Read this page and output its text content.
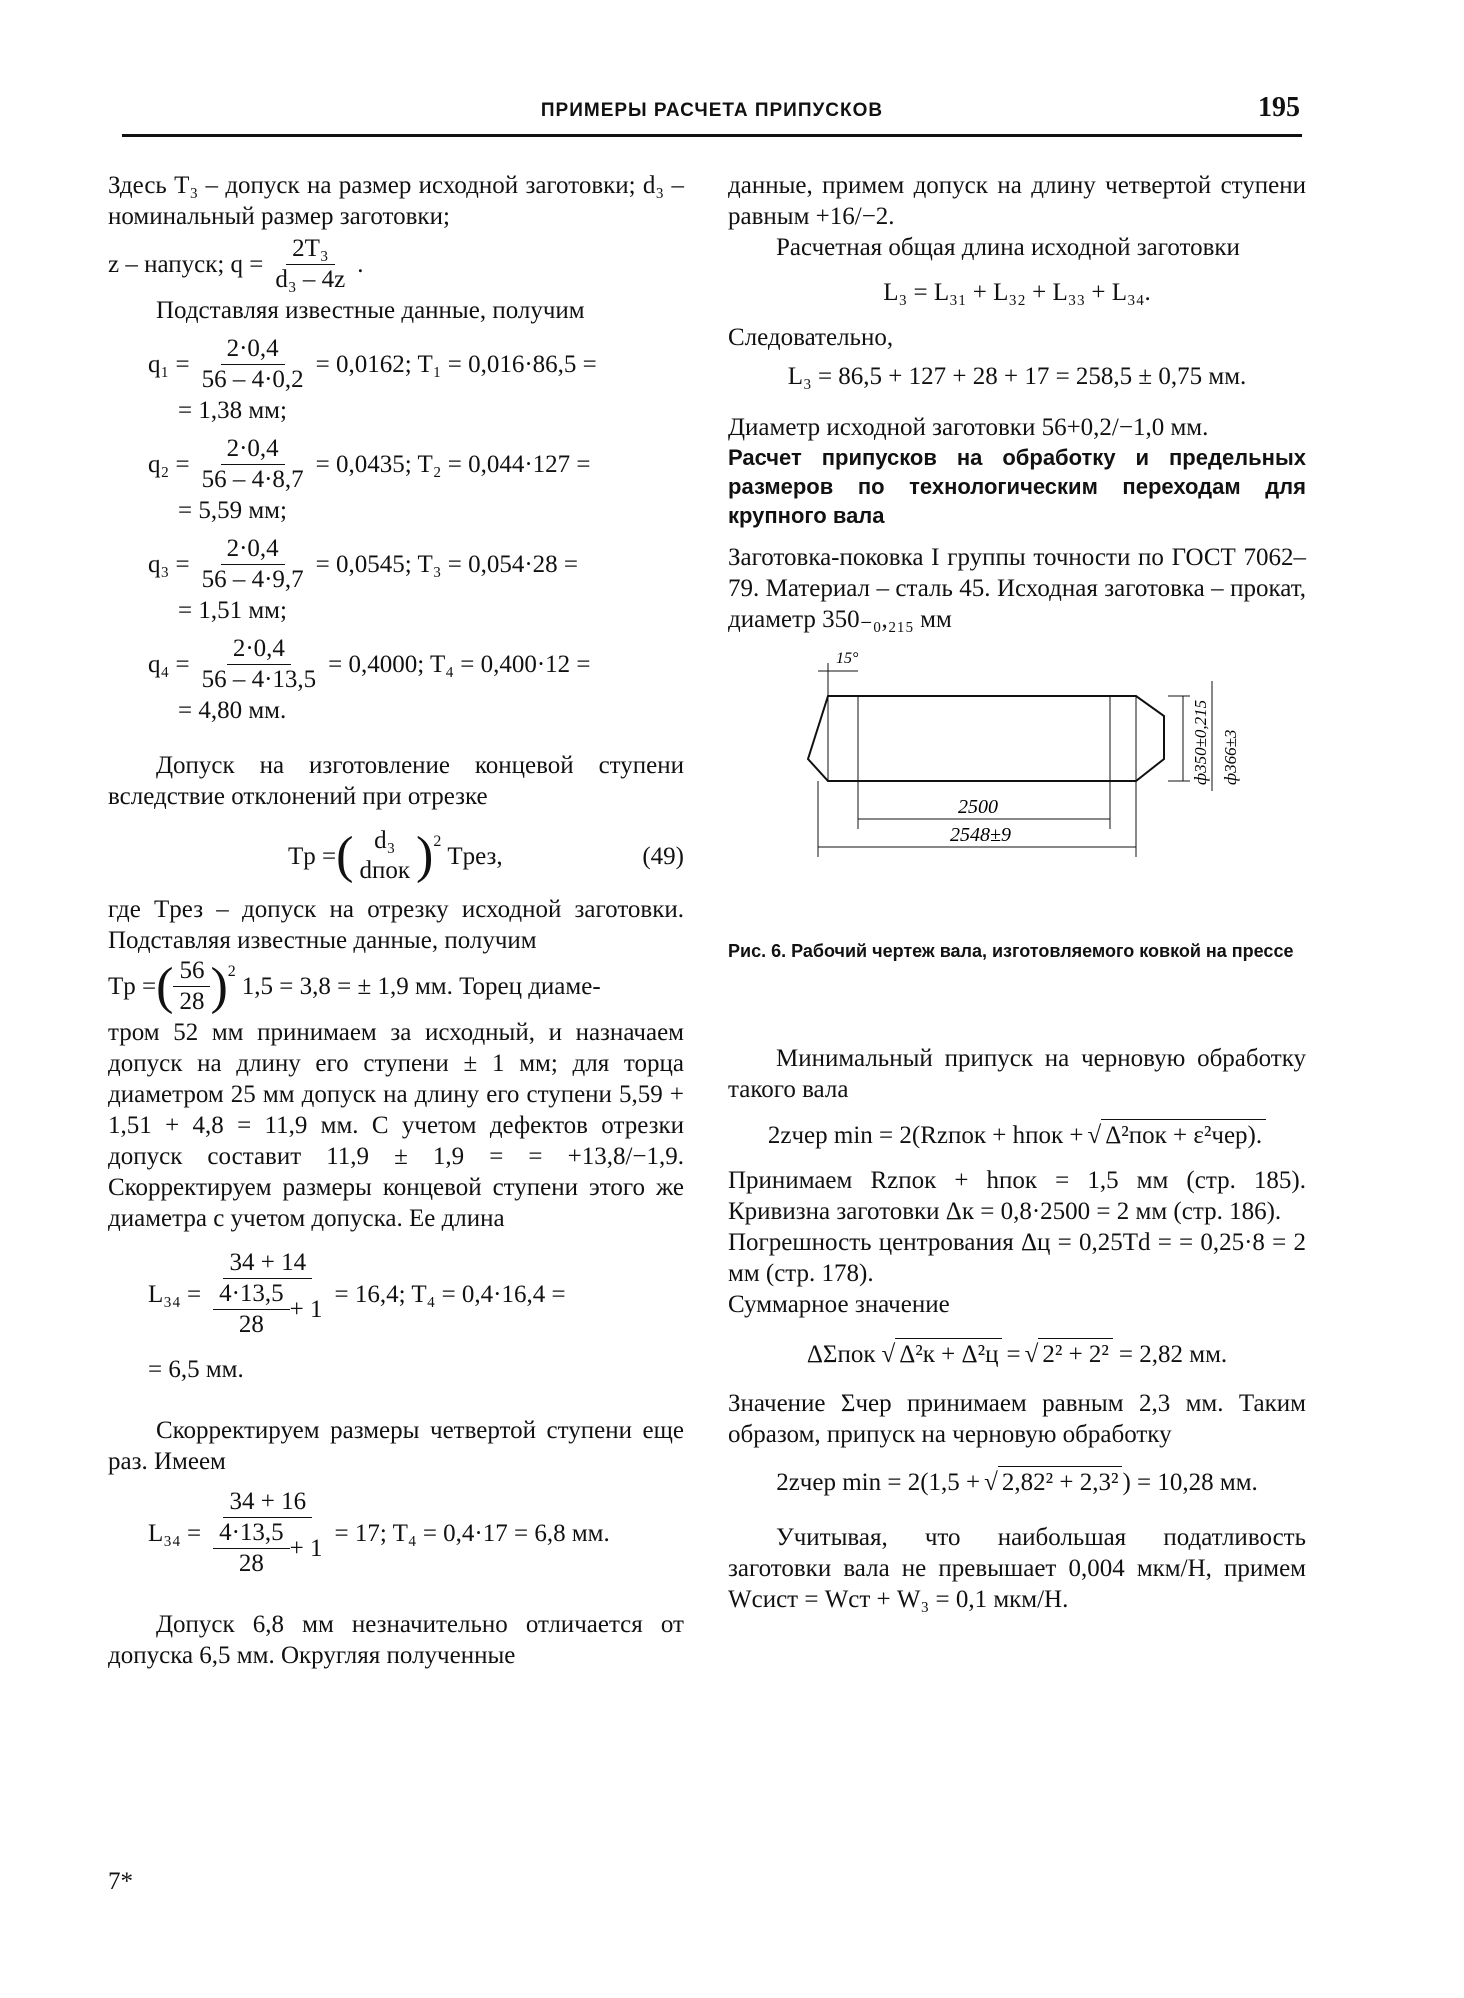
ПРИМЕРЫ РАСЧЕТА ПРИПУСКОВ	195

Здесь T₃ – допуск на размер исходной заготовки; d₃ – номинальный размер заготовки;

z – напуск; $q = \frac{\text{2T₃}}{\text{d₃ – 4z}}$ .

Подставляя известные данные, получим

$q_1 = \frac{2\cdot 0,4}{56 - 4\cdot 0,2} = 0,0162$; T₁ = 0,016·86,5 =
= 1,38 мм;
$q_2 = \frac{2\cdot 0,4}{56 - 4\cdot 8,7} = 0,0435$; T₂ = 0,044·127 =
= 5,59 мм;
$q_3 = \frac{2\cdot 0,4}{56 - 4\cdot 9,7} = 0,0545$; T₃ = 0,054·28 =
= 1,51 мм;
$q_4 = \frac{2\cdot 0,4}{56 - 4\cdot 13,5} = 0,4000$; T₄ = 0,400·12 =
= 4,80 мм.

Допуск на изготовление концевой ступени вследствие отклонений при отрезке

Tр = ( d₃
dпок )$^2$
Tрез,	(49)

где Tрез – допуск на отрезку исходной заготовки. Подставляя известные данные, получим

Tр = ( 56
28 )$^2$
1,5 = 3,8 = ± 1,9 мм. Торец диаме-

тром 52 мм принимаем за исходный, и назначаем допуск на длину его ступени ± 1 мм; для торца диаметром 25 мм допуск на длину его ступени 5,59 + 1,51 + 4,8 = 11,9 мм. С учетом дефектов отрезки допуск составит 11,9 ± 1,9 = = +13,8/−1,9. Скорректируем размеры концевой ступени этого же диаметра с учетом допуска. Ее длина

L₃₄ = 34 + 14
4·13,5
28
+ 1 = 16,4; T₄ = 0,4·16,4 =
= 6,5 мм.

Скорректируем размеры четвертой ступени еще раз. Имеем

L₃₄ = 34 + 16
4·13,5
28
+ 1 = 17; T₄ = 0,4·17 = 6,8 мм.

Допуск 6,8 мм незначительно отличается от допуска 6,5 мм. Округляя полученные

данные, примем допуск на длину четвертой ступени равным +16/−2.

Расчетная общая длина исходной заготовки

L₃ = L₃₁ + L₃₂ + L₃₃ + L₃₄.

Следовательно,

L₃ = 86,5 + 127 + 28 + 17 = 258,5 ± 0,75 мм.

Диаметр исходной заготовки 56+0,2/−1,0 мм.

Расчет припусков на обработку и предельных размеров по технологическим переходам для крупного вала

Заготовка-поковка I группы точности по ГОСТ 7062–79. Материал – сталь 45. Исходная заготовка – прокат, диаметр 350₋₀,₂₁₅ мм

15°
2500
2548±9
ф350±0,215 ф366±3

Рис. 6. Рабочий чертеж вала, изготовляемого ковкой на прессе

Минимальный припуск на черновую обработку такого вала

2zчер min = 2(Rzпок + hпок + √ Δ²пок + ε²чер).

Принимаем Rzпок + hпок = 1,5 мм (стр. 185). Кривизна заготовки Δк = 0,8·2500 = 2 мм (стр. 186).

Погрешность центрования Δц = 0,25Td = = 0,25·8 = 2 мм (стр. 178).

Суммарное значение

ΔΣпок √ Δ²к + Δ²ц = √ 2² + 2² = 2,82 мм.

Значение Σчер принимаем равным 2,3 мм. Таким образом, припуск на черновую обработку

2zчер min = 2(1,5 + √ 2,82² + 2,3² ) = 10,28 мм.

Учитывая, что наибольшая податливость заготовки вала не превышает 0,004 мкм/Н, примем Wсист = Wст + W₃ = 0,1 мкм/Н.

7*
